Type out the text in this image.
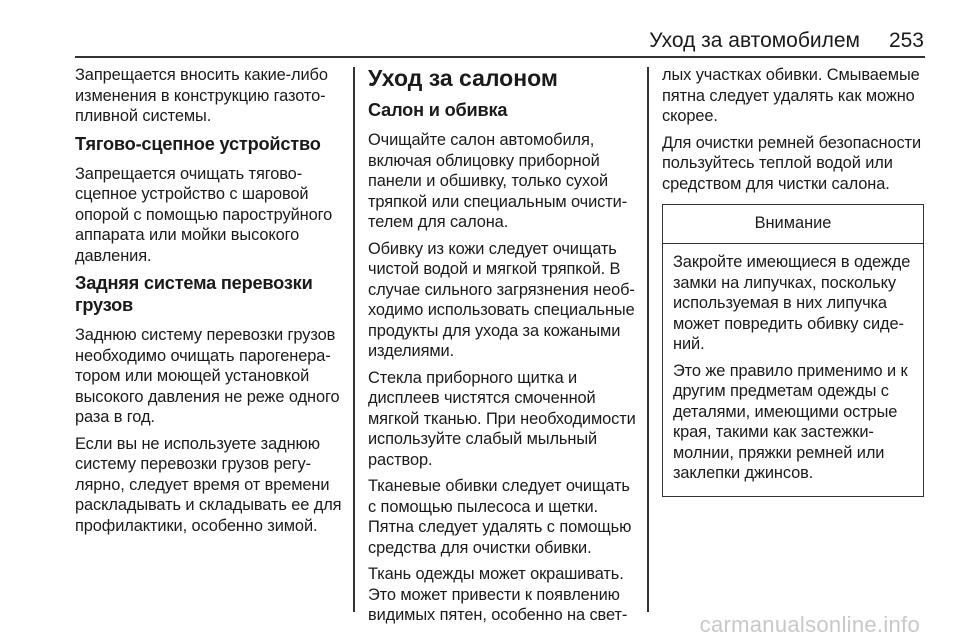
Уход за автомобилем 253
Запрещается вносить какие-либо
изменения в конструкцию газото-
пливной системы.
Тягово-сцепное устройство
Запрещается очищать тягово-
сцепное устройство с шаровой
опорой с помощью пароструйного
аппарата или мойки высокого
давления.
Задняя система перевозки
грузов
Заднюю систему перевозки грузов
необходимо очищать парогенера-
тором или моющей установкой
высокого давления не реже одного
раза в год.
Если вы не используете заднюю
систему перевозки грузов регу-
лярно, следует время от времени
раскладывать и складывать ее для
профилактики, особенно зимой.
Уход за салоном
Салон и обивка
Очищайте салон автомобиля,
включая облицовку приборной
панели и обшивку, только сухой
тряпкой или специальным очисти-
телем для салона.
Обивку из кожи следует очищать
чистой водой и мягкой тряпкой. В
случае сильного загрязнения необ-
ходимо использовать специальные
продукты для ухода за кожаными
изделиями.
Стекла приборного щитка и
дисплеев чистятся смоченной
мягкой тканью. При необходимости
используйте слабый мыльный
раствор.
Тканевые обивки следует очищать
с помощью пылесоса и щетки.
Пятна следует удалять с помощью
средства для очистки обивки.
Ткань одежды может окрашивать.
Это может привести к появлению
видимых пятен, особенно на свет-
лых участках обивки. Смываемые
пятна следует удалять как можно
скорее.
Для очистки ремней безопасности
пользуйтесь теплой водой или
средством для чистки салона.
Внимание
Закройте имеющиеся в одежде
замки на липучках, поскольку
используемая в них липучка
может повредить обивку сиде-
ний.
Это же правило применимо и к
другим предметам одежды с
деталями, имеющими острые
края, такими как застежки-
молнии, пряжки ремней или
заклепки джинсов.
carmanualsonline.info
